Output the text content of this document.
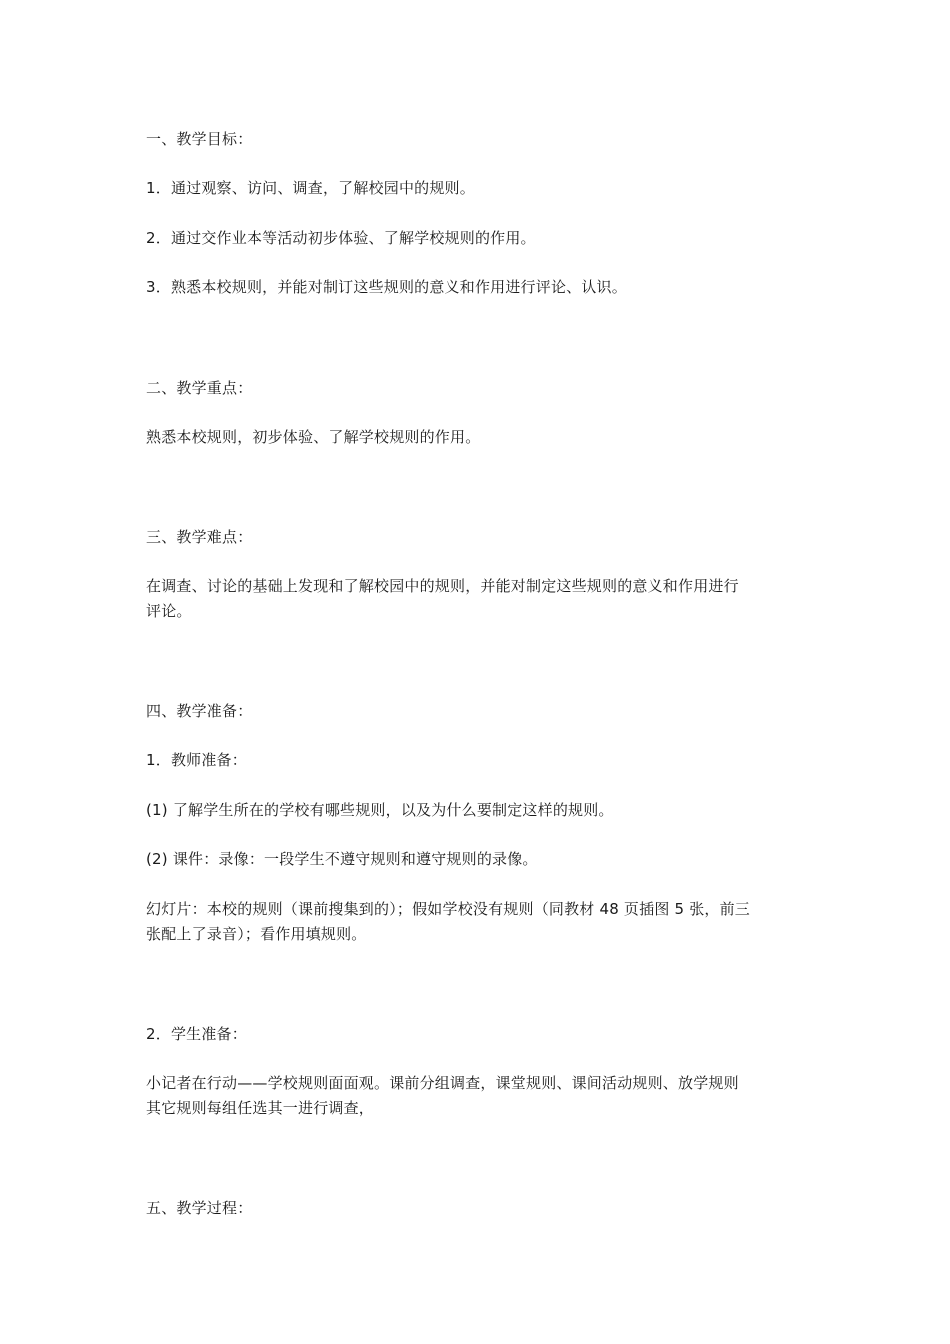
一、教学目标：
1．通过观察、访问、调查，了解校园中的规则。
2．通过交作业本等活动初步体验、了解学校规则的作用。
3．熟悉本校规则，并能对制订这些规则的意义和作用进行评论、认识。
二、教学重点：
熟悉本校规则，初步体验、了解学校规则的作用。
三、教学难点：
在调查、讨论的基础上发现和了解校园中的规则，并能对制定这些规则的意义和作用进行
评论。
四、教学准备：
1．教师准备：
(1) 了解学生所在的学校有哪些规则，以及为什么要制定这样的规则。
(2) 课件：录像：一段学生不遵守规则和遵守规则的录像。
幻灯片：本校的规则（课前搜集到的）；假如学校没有规则（同教材 48 页插图 5 张，前三
张配上了录音）；看作用填规则。
2．学生准备：
小记者在行动——学校规则面面观。课前分组调查，课堂规则、课间活动规则、放学规则
其它规则每组任选其一进行调查，
五、教学过程：
